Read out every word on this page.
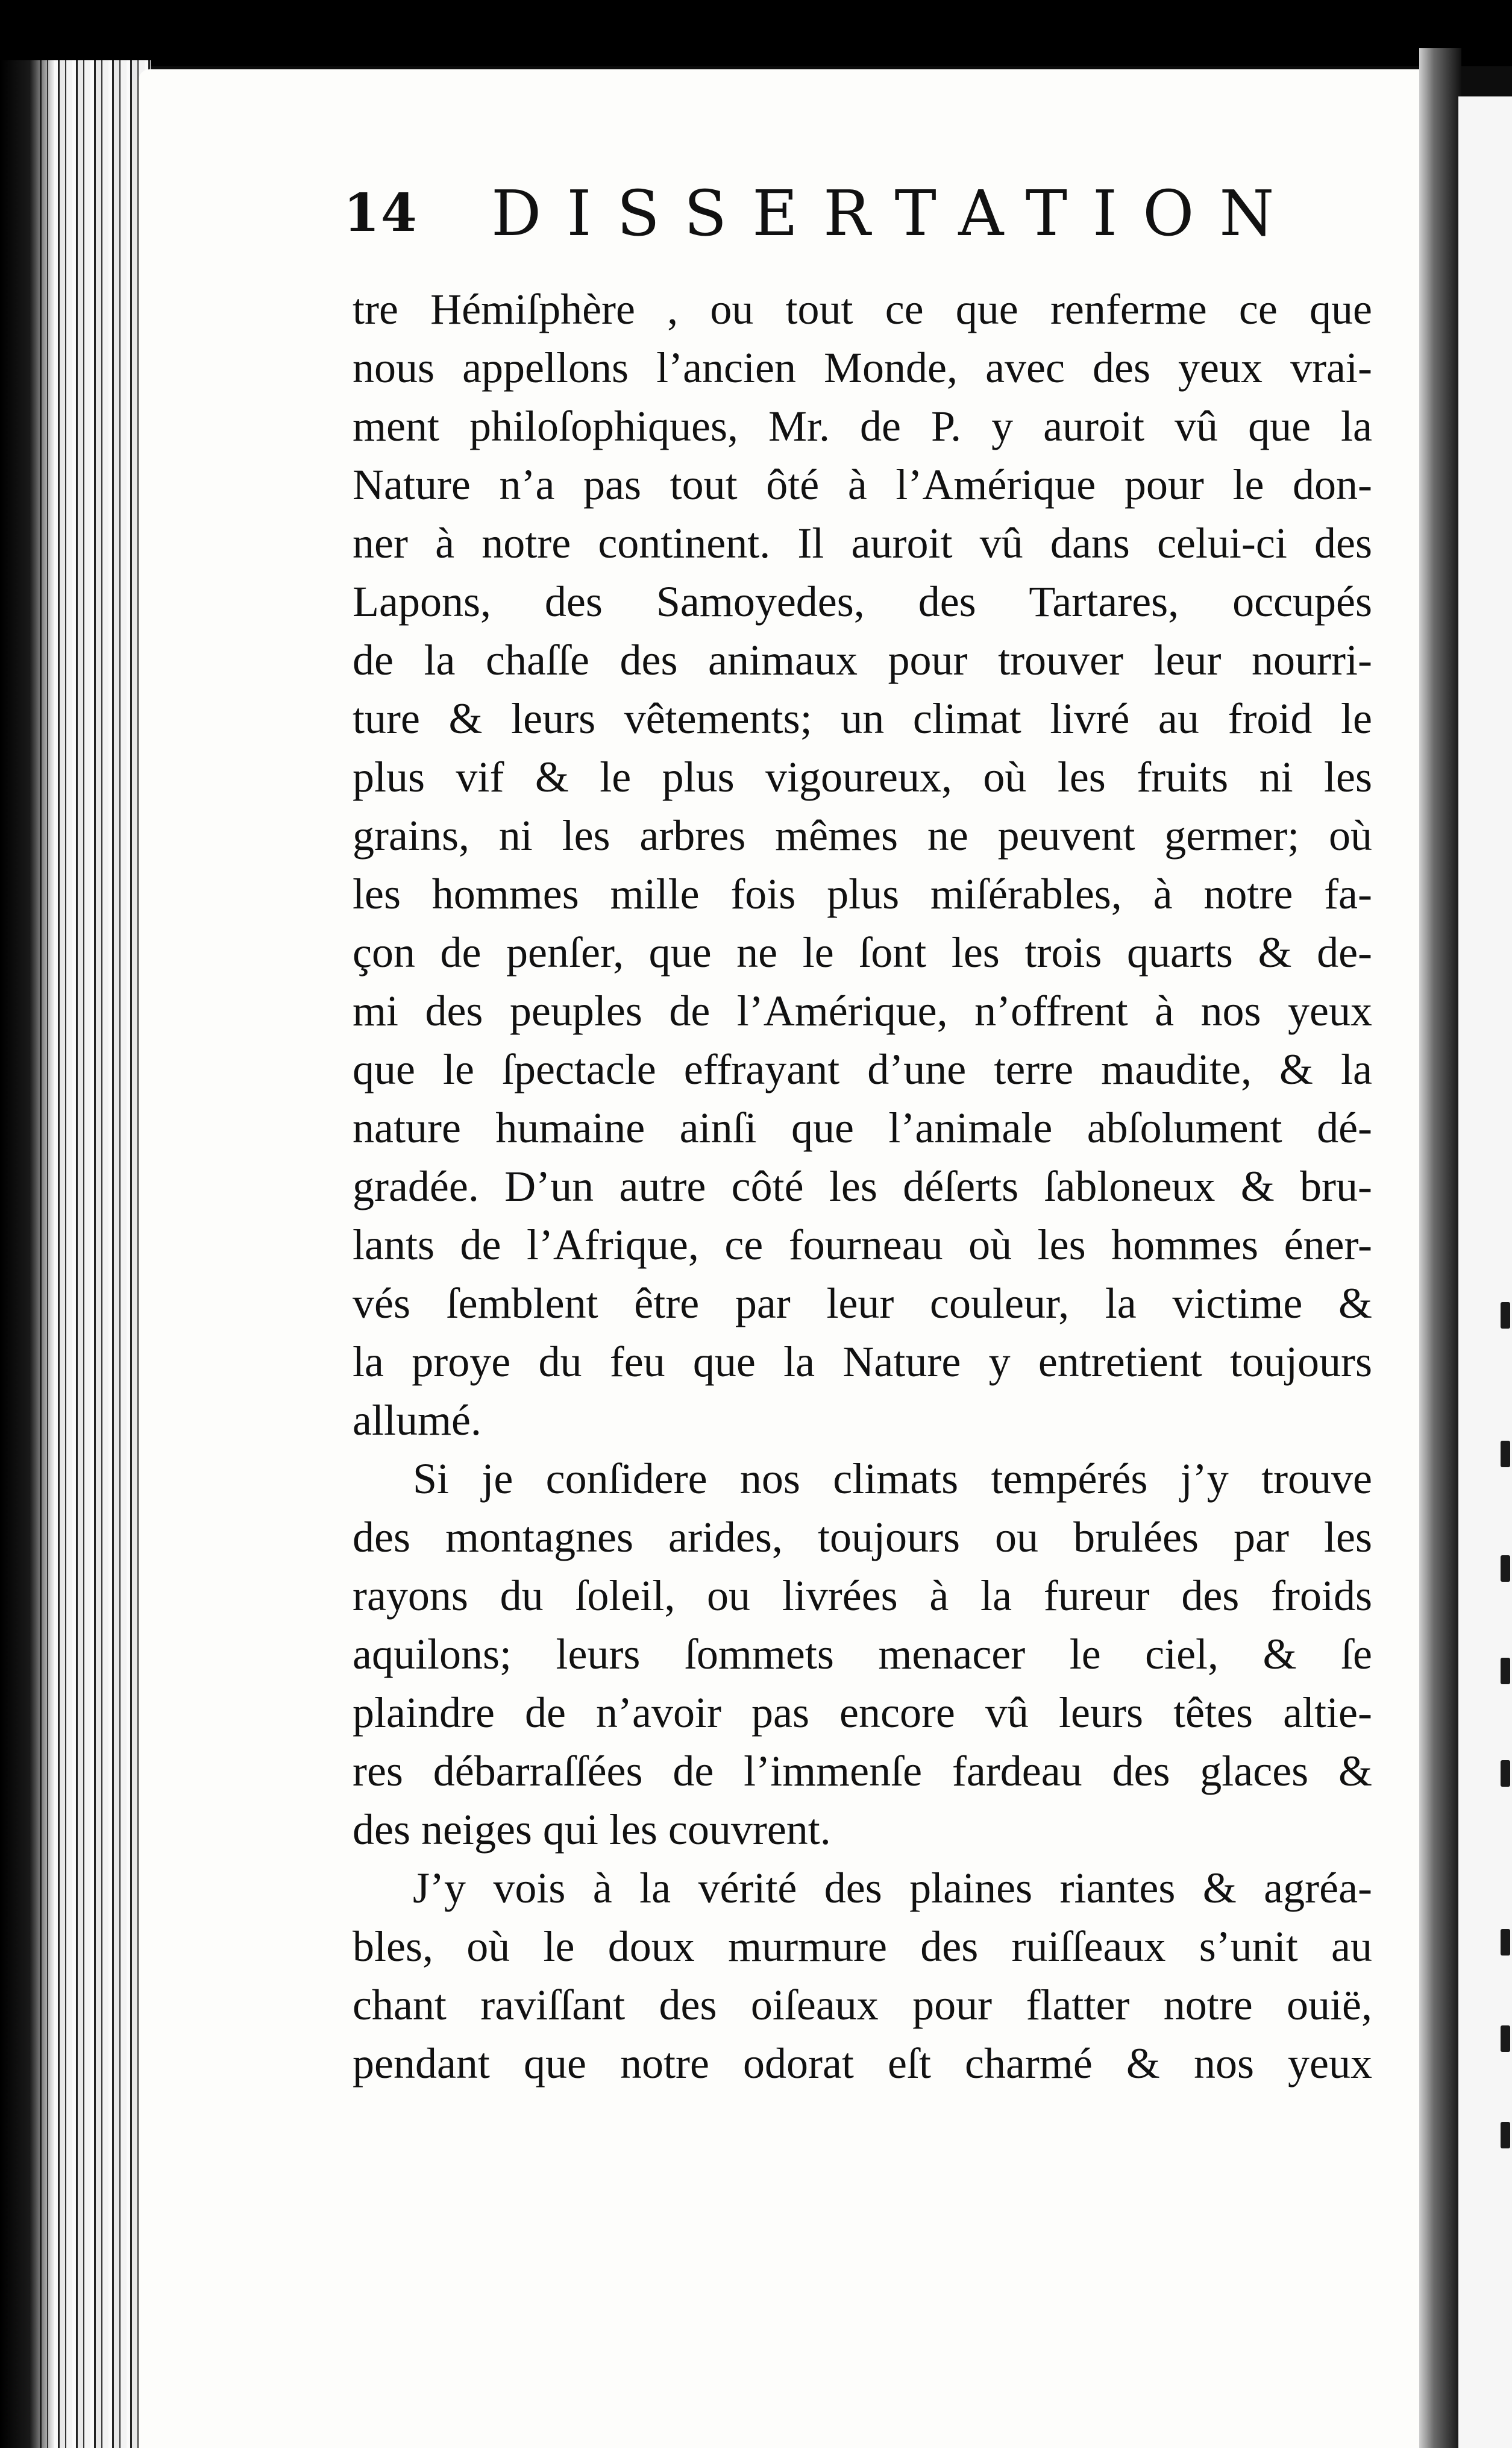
14 DISSERTATION
tre Hémiſphère , ou tout ce que renferme ce que
nous appellons l’ancien Monde, avec des yeux vrai-
ment philoſophiques, Mr. de P. y auroit vû que la
Nature n’a pas tout ôté à l’Amérique pour le don-
ner à notre continent. Il auroit vû dans celui-ci des
Lapons, des Samoyedes, des Tartares, occupés
de la chaſſe des animaux pour trouver leur nourri-
ture & leurs vêtements; un climat livré au froid le
plus vif & le plus vigoureux, où les fruits ni les
grains, ni les arbres mêmes ne peuvent germer; où
les hommes mille fois plus miſérables, à notre fa-
çon de penſer, que ne le ſont les trois quarts & de-
mi des peuples de l’Amérique, n’offrent à nos yeux
que le ſpectacle effrayant d’une terre maudite, & la
nature humaine ainſi que l’animale abſolument dé-
gradée. D’un autre côté les déſerts ſabloneux & bru-
lants de l’Afrique, ce fourneau où les hommes éner-
vés ſemblent être par leur couleur, la victime &
la proye du feu que la Nature y entretient toujours
allumé.
Si je conſidere nos climats tempérés j’y trouve
des montagnes arides, toujours ou brulées par les
rayons du ſoleil, ou livrées à la fureur des froids
aquilons; leurs ſommets menacer le ciel, & ſe
plaindre de n’avoir pas encore vû leurs têtes altie-
res débarraſſées de l’immenſe fardeau des glaces &
des neiges qui les couvrent.
J’y vois à la vérité des plaines riantes & agréa-
bles, où le doux murmure des ruiſſeaux s’unit au
chant raviſſant des oiſeaux pour flatter notre ouië,
pendant que notre odorat eſt charmé & nos yeux
